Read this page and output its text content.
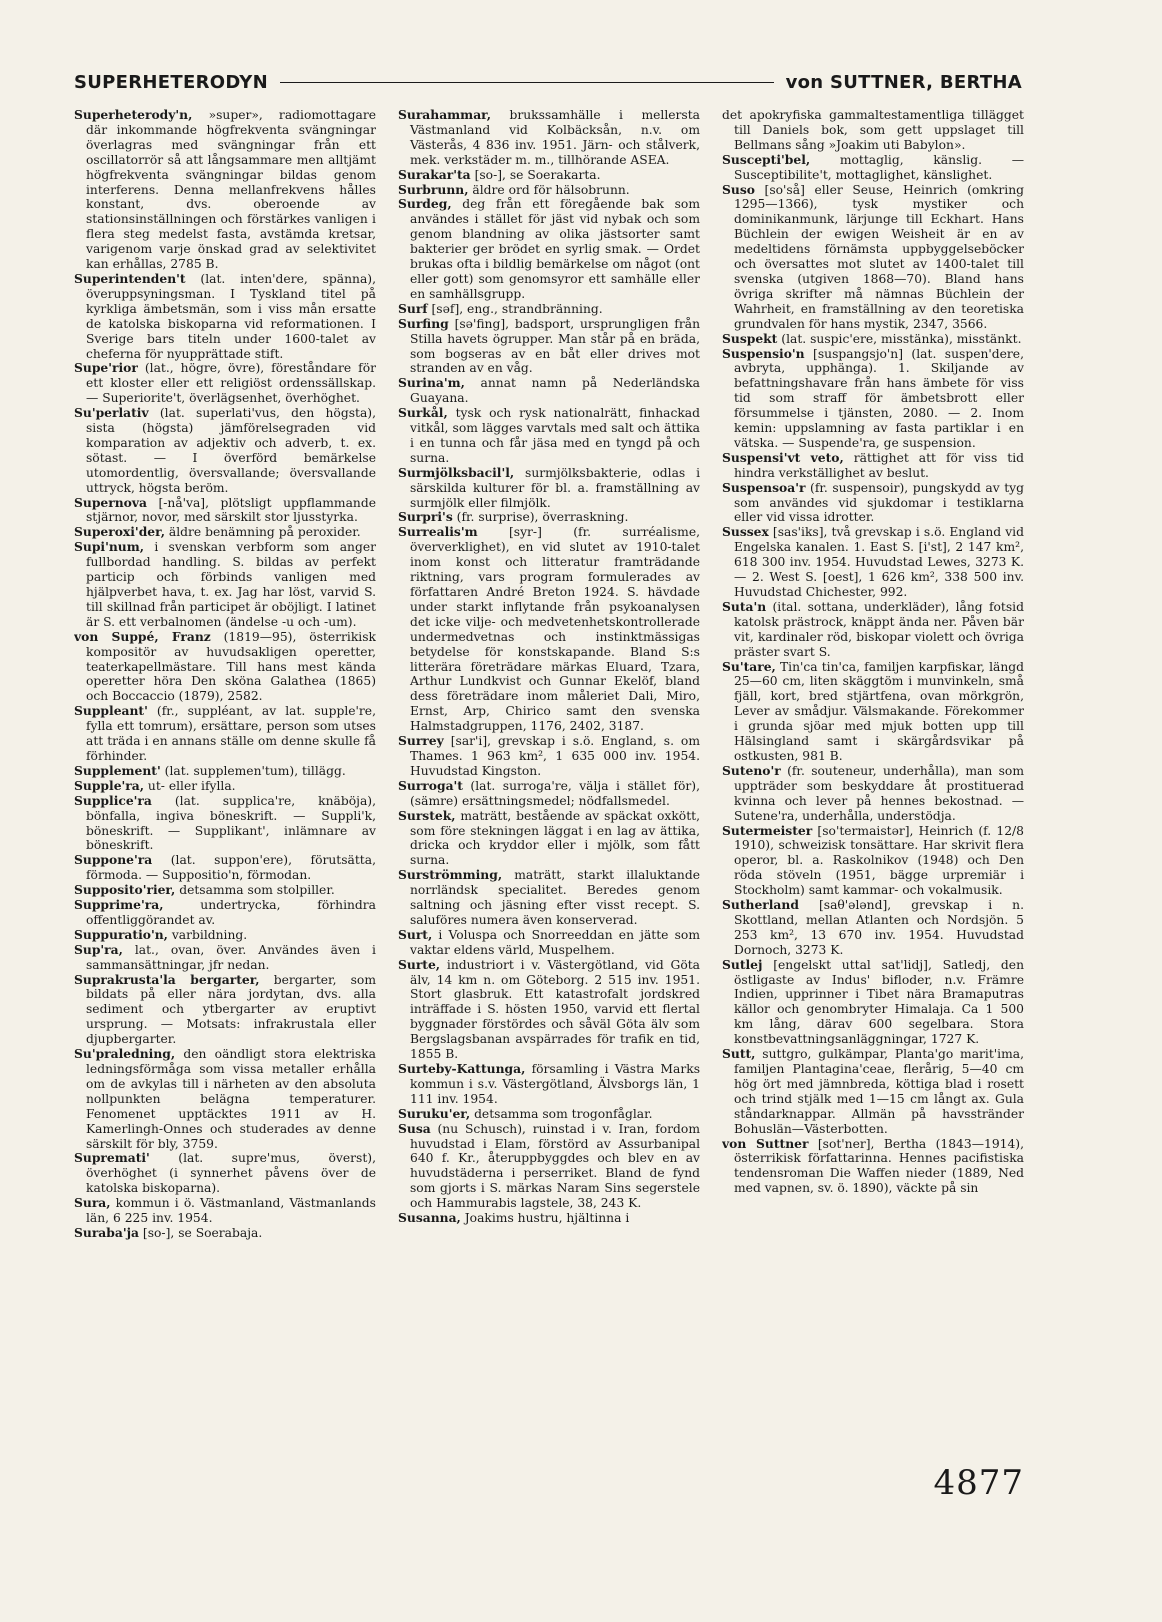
SUPERHETERODYN	von SUTTNER, BERTHA

Superheterody'n, »super», radiomottagare där inkommande högfrekventa svängningar överlagras med svängningar från ett oscillatorrör så att långsammare men alltjämt högfrekventa svängningar bildas genom interferens. Denna mellanfrekvens hålles konstant, dvs. oberoende av stationsinställningen och förstärkes vanligen i flera steg medelst fasta, avstämda kretsar, varigenom varje önskad grad av selektivitet kan erhållas, 2785 B.

Superintenden't (lat. inten'dere, spänna), överuppsyningsman. I Tyskland titel på kyrkliga ämbetsmän, som i viss mån ersatte de katolska biskoparna vid reformationen. I Sverige bars titeln under 1600-talet av cheferna för nyupprättade stift.

Supe'rior (lat., högre, övre), föreståndare för ett kloster eller ett religiöst ordenssällskap. — Superiorite't, överlägsenhet, överhöghet.

Su'perlativ (lat. superlati'vus, den högsta), sista (högsta) jämförelsegraden vid komparation av adjektiv och adverb, t. ex. sötast. — I överförd bemärkelse utomordentlig, översvallande; översvallande uttryck, högsta beröm.

Supernova [-nå'va], plötsligt uppflammande stjärnor, novor, med särskilt stor ljusstyrka.

Superoxi'der, äldre benämning på peroxider.

Supi'num, i svenskan verbform som anger fullbordad handling. S. bildas av perfekt particip och förbinds vanligen med hjälpverbet hava, t. ex. Jag har löst, varvid S. till skillnad från participet är oböjligt. I latinet är S. ett verbalnomen (ändelse -u och -um).

von Suppé, Franz (1819—95), österrikisk kompositör av huvudsakligen operetter, teaterkapellmästare. Till hans mest kända operetter höra Den sköna Galathea (1865) och Boccaccio (1879), 2582.

Suppleant' (fr., suppléant, av lat. supple're, fylla ett tomrum), ersättare, person som utses att träda i en annans ställe om denne skulle få förhinder.

Supplement' (lat. supplemen'tum), tillägg.

Supple'ra, ut- eller ifylla.

Supplice'ra (lat. supplica're, knäböja), bönfalla, ingiva böneskrift. — Suppli'k, böneskrift. — Supplikant', inlämnare av böneskrift.

Suppone'ra (lat. suppon'ere), förutsätta, förmoda. — Suppositio'n, förmodan.

Supposito'rier, detsamma som stolpiller.

Supprime'ra, undertrycka, förhindra offentliggörandet av.

Suppuratio'n, varbildning.

Sup'ra, lat., ovan, över. Användes även i sammansättningar, jfr nedan.

Suprakrusta'la bergarter, bergarter, som bildats på eller nära jordytan, dvs. alla sediment och ytbergarter av eruptivt ursprung. — Motsats: infrakrustala eller djupbergarter.

Su'praledning, den oändligt stora elektriska ledningsförmåga som vissa metaller erhålla om de avkylas till i närheten av den absoluta nollpunkten belägna temperaturer. Fenomenet upptäcktes 1911 av H. Kamerlingh-Onnes och studerades av denne särskilt för bly, 3759.

Supremati' (lat. supre'mus, överst), överhöghet (i synnerhet påvens över de katolska biskoparna).

Sura, kommun i ö. Västmanland, Västmanlands län, 6 225 inv. 1954.

Suraba'ja [so-], se Soerabaja.

Surahammar, brukssamhälle i mellersta Västmanland vid Kolbäcksån, n.v. om Västerås, 4 836 inv. 1951. Järn- och stålverk, mek. verkstäder m. m., tillhörande ASEA.

Surakar'ta [so-], se Soerakarta.

Surbrunn, äldre ord för hälsobrunn.

Surdeg, deg från ett föregående bak som användes i stället för jäst vid nybak och som genom blandning av olika jästsorter samt bakterier ger brödet en syrlig smak. — Ordet brukas ofta i bildlig bemärkelse om något (ont eller gott) som genomsyror ett samhälle eller en samhällsgrupp.

Surf [səf], eng., strandbränning.

Surfing [sə'fing], badsport, ursprungligen från Stilla havets ögrupper. Man står på en bräda, som bogseras av en båt eller drives mot stranden av en våg.

Surina'm, annat namn på Nederländska Guayana.

Surkål, tysk och rysk nationalrätt, finhackad vitkål, som lägges varvtals med salt och ättika i en tunna och får jäsa med en tyngd på och surna.

Surmjölksbacil'l, surmjölksbakterie, odlas i särskilda kulturer för bl. a. framställning av surmjölk eller filmjölk.

Surpri's (fr. surprise), överraskning.

Surrealis'm [syr-] (fr. surréalisme, öververklighet), en vid slutet av 1910-talet inom konst och litteratur framträdande riktning, vars program formulerades av författaren André Breton 1924. S. hävdade under starkt inflytande från psykoanalysen det icke vilje- och medvetenhetskontrollerade undermedvetnas och instinktmässigas betydelse för konstskapande. Bland S:s litterära företrädare märkas Eluard, Tzara, Arthur Lundkvist och Gunnar Ekelöf, bland dess företrädare inom måleriet Dali, Miro, Ernst, Arp, Chirico samt den svenska Halmstadgruppen, 1176, 2402, 3187.

Surrey [sar'i], grevskap i s.ö. England, s. om Thames. 1 963 km², 1 635 000 inv. 1954. Huvudstad Kingston.

Surroga't (lat. surroga're, välja i stället för), (sämre) ersättningsmedel; nödfallsmedel.

Surstek, maträtt, bestående av späckat oxkött, som före stekningen läggat i en lag av ättika, dricka och kryddor eller i mjölk, som fått surna.

Surströmming, maträtt, starkt illaluktande norrländsk specialitet. Beredes genom saltning och jäsning efter visst recept. S. saluföres numera även konserverad.

Surt, i Voluspa och Snorreeddan en jätte som vaktar eldens värld, Muspelhem.

Surte, industriort i v. Västergötland, vid Göta älv, 14 km n. om Göteborg. 2 515 inv. 1951. Stort glasbruk. Ett katastrofalt jordskred inträffade i S. hösten 1950, varvid ett flertal byggnader förstördes och såväl Göta älv som Bergslagsbanan avspärrades för trafik en tid, 1855 B.

Surteby-Kattunga, församling i Västra Marks kommun i s.v. Västergötland, Älvsborgs län, 1 111 inv. 1954.

Suruku'er, detsamma som trogonfåglar.

Susa (nu Schusch), ruinstad i v. Iran, fordom huvudstad i Elam, förstörd av Assurbanipal 640 f. Kr., återuppbyggdes och blev en av huvudstäderna i perserriket. Bland de fynd som gjorts i S. märkas Naram Sins segerstele och Hammurabis lagstele, 38, 243 K.

Susanna, Joakims hustru, hjältinna i

det apokryfiska gammaltestamentliga tillägget till Daniels bok, som gett uppslaget till Bellmans sång »Joakim uti Babylon».

Suscepti'bel, mottaglig, känslig. — Susceptibilite't, mottaglighet, känslighet.

Suso [so'så] eller Seuse, Heinrich (omkring 1295—1366), tysk mystiker och dominikanmunk, lärjunge till Eckhart. Hans Büchlein der ewigen Weisheit är en av medeltidens förnämsta uppbyggelseböcker och översattes mot slutet av 1400-talet till svenska (utgiven 1868—70). Bland hans övriga skrifter må nämnas Büchlein der Wahrheit, en framställning av den teoretiska grundvalen för hans mystik, 2347, 3566.

Suspekt (lat. suspic'ere, misstänka), misstänkt.

Suspensio'n [suspangsjo'n] (lat. suspen'dere, avbryta, upphänga). 1. Skiljande av befattningshavare från hans ämbete för viss tid som straff för ämbetsbrott eller försummelse i tjänsten, 2080. — 2. Inom kemin: uppslamning av fasta partiklar i en vätska. — Suspende'ra, ge suspension.

Suspensi'vt veto, rättighet att för viss tid hindra verkställighet av beslut.

Suspensoa'r (fr. suspensoir), pungskydd av tyg som användes vid sjukdomar i testiklarna eller vid vissa idrotter.

Sussex [sas'iks], två grevskap i s.ö. England vid Engelska kanalen. 1. East S. [i'st], 2 147 km², 618 300 inv. 1954. Huvudstad Lewes, 3273 K. — 2. West S. [oest], 1 626 km², 338 500 inv. Huvudstad Chichester, 992.

Suta'n (ital. sottana, underkläder), lång fotsid katolsk prästrock, knäppt ända ner. Påven bär vit, kardinaler röd, biskopar violett och övriga präster svart S.

Su'tare, Tin'ca tin'ca, familjen karpfiskar, längd 25—60 cm, liten skäggtöm i munvinkeln, små fjäll, kort, bred stjärtfena, ovan mörkgrön, Lever av smådjur. Välsmakande. Förekommer i grunda sjöar med mjuk botten upp till Hälsingland samt i skärgårdsvikar på ostkusten, 981 B.

Suteno'r (fr. souteneur, underhålla), man som uppträder som beskyddare åt prostituerad kvinna och lever på hennes bekostnad. — Sutene'ra, underhålla, understödja.

Sutermeister [so'termaistər], Heinrich (f. 12/8 1910), schweizisk tonsättare. Har skrivit flera operor, bl. a. Raskolnikov (1948) och Den röda stöveln (1951, bägge urpremiär i Stockholm) samt kammar- och vokalmusik.

Sutherland [saθ'ələnd], grevskap i n. Skottland, mellan Atlanten och Nordsjön. 5 253 km², 13 670 inv. 1954. Huvudstad Dornoch, 3273 K.

Sutlej [engelskt uttal sat'lidj], Satledj, den östligaste av Indus' bifloder, n.v. Främre Indien, upprinner i Tibet nära Bramaputras källor och genombryter Himalaja. Ca 1 500 km lång, därav 600 segelbara. Stora konstbevattningsanläggningar, 1727 K.

Sutt, suttgro, gulkämpar, Planta'go marit'ima, familjen Plantagina'ceae, flerårig, 5—40 cm hög ört med jämnbreda, köttiga blad i rosett och trind stjälk med 1—15 cm långt ax. Gula ståndarknappar. Allmän på havsstränder Bohuslän—Västerbotten.

von Suttner [sot'ner], Bertha (1843—1914), österrikisk författarinna. Hennes pacifistiska tendensroman Die Waffen nieder (1889, Ned med vapnen, sv. ö. 1890), väckte på sin

4877
